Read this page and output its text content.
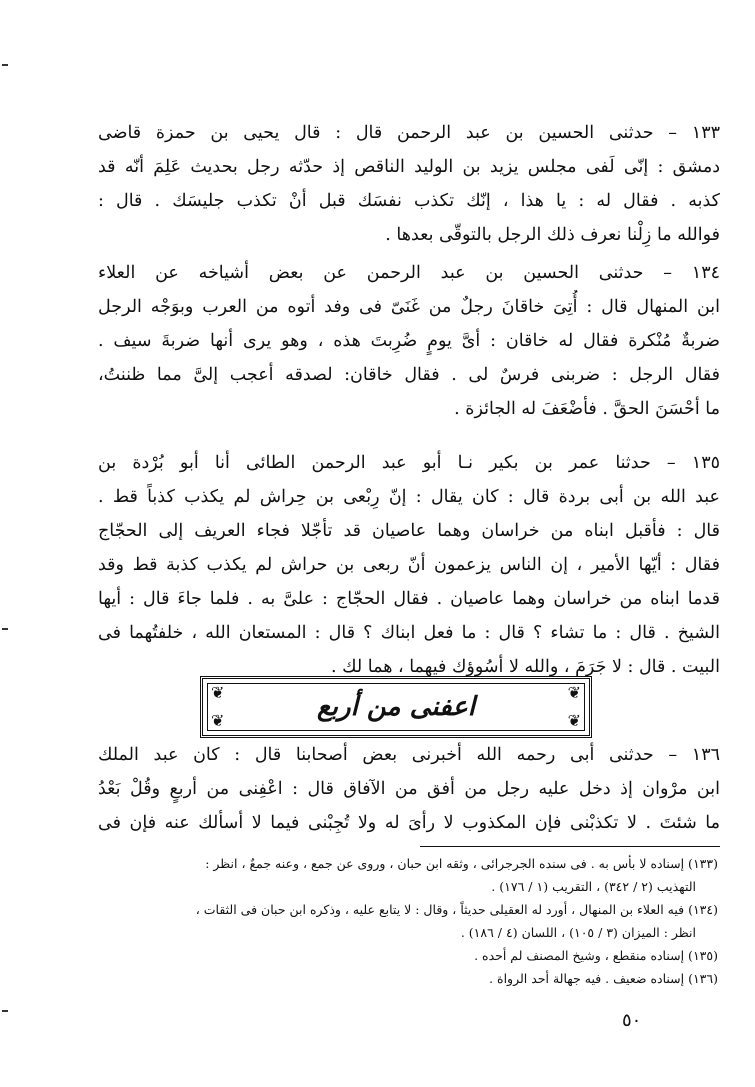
١٣٣ – حدثنى الحسين بن عبد الرحمن قال : قال يحيى بن حمزة قاضى
دمشق : إنّى لَفى مجلس يزيد بن الوليد الناقص إذ حدّثه رجل بحديث عَلِمَ أنّه قد
كذبه . فقال له : يا هذا ، إنّك تكذب نفسَك قبل أنْ تكذب جليسَك . قال :
فوالله ما زِلْنا نعرف ذلك الرجل بالتوقّى بعدها .
١٣٤ – حدثنى الحسين بن عبد الرحمن عن بعض أشياخه عن العلاء
ابن المنهال قال : أُتِىَ خاقانَ رجلٌ من غَنَىّ فى وفد أتوه من العرب وبوَجْه الرجل
ضربةٌ مُنْكرة فقال له خاقان : أىَّ يومٍ ضُرِبتَ هذه ، وهو يرى أنها ضربةَ سيف .
فقال الرجل : ضربنى فرسٌ لى . فقال خاقان: لصدقه أعجب إلىَّ مما ظننتُ،
ما أحْسَنَ الحقَّ . فأضْعَفَ له الجائزة .
١٣٥ – حدثنا عمر بن بكير نـا أبو عبد الرحمن الطائى أنا أبو بُرْدة بن
عبد الله بن أبى بردة قال : كان يقال : إنّ رِبْعى بن حِراش لم يكذب كذباً قط .
قال : فأقبل ابناه من خراسان وهما عاصيان قد تأجّلا فجاء العريف إلى الحجّاج
فقال : أيّها الأمير ، إن الناس يزعمون أنّ ربعى بن حراش لم يكذب كذبة قط وقد
قدما ابناه من خراسان وهما عاصيان . فقال الحجّاج : علىَّ به . فلما جاءَ قال : أيها
الشيخ . قال : ما تشاء ؟ قال : ما فعل ابناك ؟ قال : المستعان الله ، خلفتُهما فى
البيت . قال : لا جَرَمَ ، والله لا أسُوؤك فيهما ، هما لك .
❦	❦
❦	❦
اعفنى من أربع
١٣٦ – حدثنى أبى رحمه الله أخبرنى بعض أصحابنا قال : كان عبد الملك
ابن مرْوان إذ دخل عليه رجل من أفق من الآفاق قال : اعْفِنى من أربعٍ وقُلْ بَعْدُ
ما شئتَ . لا تكذبْنى فإن المكذوب لا رأىَ له ولا تُجِبْنى فيما لا أسألك عنه فإن فى
(١٣٣) إسناده لا بأس به . فى سنده الجرجرائى ، وثقه ابن حبان ، وروى عن جمع ، وعنه جمعٌ ، انظر :
التهذيب (٢ / ٣٤٢) ، التقريب (١ / ١٧٦) .
(١٣٤) فيه العلاء بن المنهال ، أورد له العقيلى حديثاً ، وقال : لا يتابع عليه ، وذكره ابن حبان فى الثقات ،
انظر : الميزان (٣ / ١٠٥) ، اللسان (٤ / ١٨٦) .
(١٣٥) إسناده منقطع ، وشيخ المصنف لم أحده .
(١٣٦) إسناده ضعيف . فيه جهالة أحد الرواة .
٥٠
